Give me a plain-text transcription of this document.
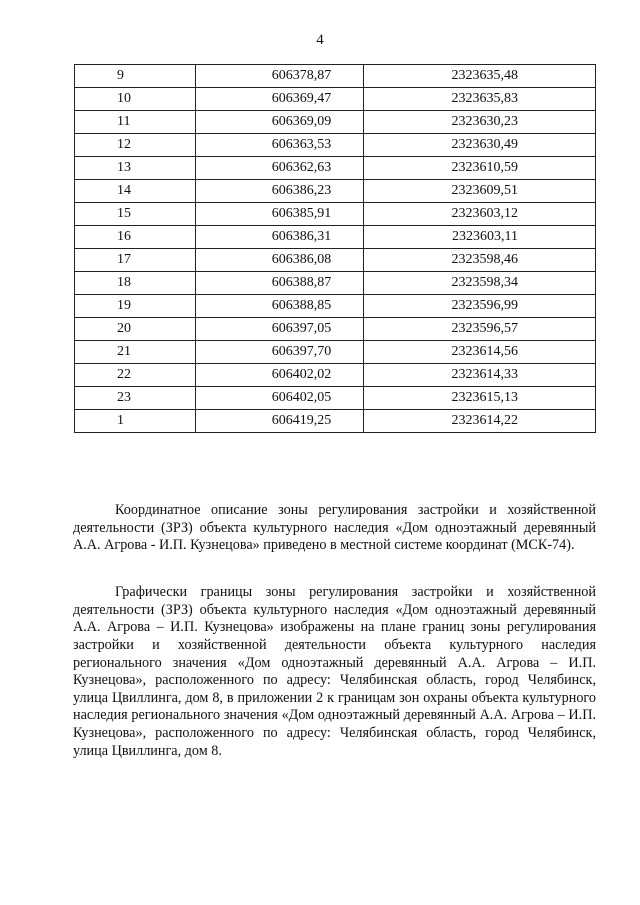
4
9	606378,87	2323635,48
10	606369,47	2323635,83
11	606369,09	2323630,23
12	606363,53	2323630,49
13	606362,63	2323610,59
14	606386,23	2323609,51
15	606385,91	2323603,12
16	606386,31	2323603,11
17	606386,08	2323598,46
18	606388,87	2323598,34
19	606388,85	2323596,99
20	606397,05	2323596,57
21	606397,70	2323614,56
22	606402,02	2323614,33
23	606402,05	2323615,13
1	606419,25	2323614,22

Координатное описание зоны регулирования застройки и хозяйственной деятельности (ЗРЗ) объекта культурного наследия «Дом одноэтажный деревянный А.А. Агрова - И.П. Кузнецова» приведено в местной системе координат (МСК-74).

Графически границы зоны регулирования застройки и хозяйственной деятельности (ЗРЗ) объекта культурного наследия «Дом одноэтажный деревянный А.А. Агрова – И.П. Кузнецова» изображены на плане границ зоны регулирования застройки и хозяйственной деятельности объекта культурного наследия регионального значения «Дом одноэтажный деревянный А.А. Агрова – И.П. Кузнецова», расположенного по адресу: Челябинская область, город Челябинск, улица Цвиллинга, дом 8, в приложении 2 к границам зон охраны объекта культурного наследия регионального значения «Дом одноэтажный деревянный А.А. Агрова – И.П. Кузнецова», расположенного по адресу: Челябинская область, город Челябинск, улица Цвиллинга, дом 8.
